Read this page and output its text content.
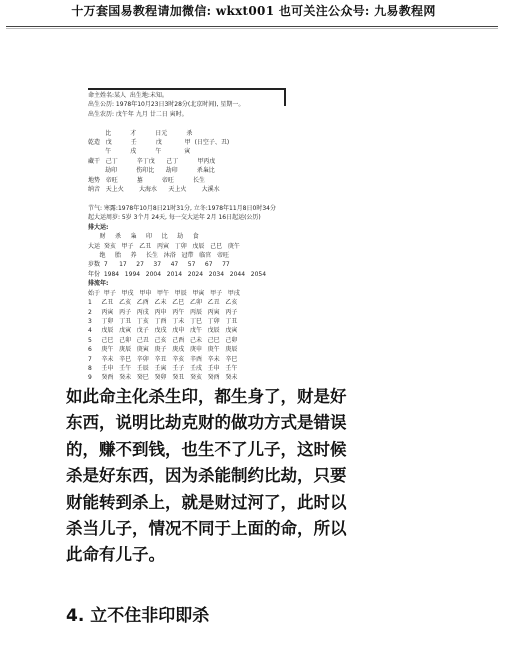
十万套国易教程请加微信: wkxt001 也可关注公众号: 九易教程网
命主姓名:某人  出生地:未知。
出生公历: 1978年10月23日3时28分(北京时间), 星期一。
出生农历: 戊午年 九月 廿二日 寅时。
比          才          日元          杀
乾造   戊          壬          戊            甲  (日空子、丑)
午          戌          午            寅
藏干   己丁          辛丁戊      己丁          甲丙戊
劫印          伤印比      劫印          杀枭比
地势   帝旺          墓          帝旺          长生
纳音   天上火        大海水      天上火        大溪水
节气: 寒露:1978年10月8日21时31分, 立冬:1978年11月8日0时34分
起大运周岁: 5岁 3个月 24天, 每一交大运年 2月 16日起运(公历)
排大运:
财     杀     枭     印     比     劫     食
大运  癸亥   甲子   乙丑   丙寅   丁卯   戊辰   己巳   庚午
绝     胎     养     长生   沐浴   冠带   临官   帝旺
岁数  7      17     27     37     47     57     67     77
年份  1984   1994   2004   2014   2024   2034   2044   2054
排流年:
始于  甲子   甲戌   甲申   甲午   甲辰   甲寅   甲子   甲戌
1     乙丑   乙亥   乙酉   乙未   乙巳   乙卯   乙丑   乙亥
2     丙寅   丙子   丙戌   丙申   丙午   丙辰   丙寅   丙子
3     丁卯   丁丑   丁亥   丁酉   丁未   丁巳   丁卯   丁丑
4     戊辰   戊寅   戊子   戊戌   戊申   戊午   戊辰   戊寅
5     己巳   己卯   己丑   己亥   己酉   己未   己巳   己卯
6     庚午   庚辰   庚寅   庚子   庚戌   庚申   庚午   庚辰
7     辛未   辛巳   辛卯   辛丑   辛亥   辛酉   辛未   辛巳
8     壬申   壬午   壬辰   壬寅   壬子   壬戌   壬申   壬午
9     癸酉   癸未   癸巳   癸卯   癸丑   癸亥   癸酉   癸未

如此命主化杀生印，都生身了，财是好

东西，说明比劫克财的做功方式是错误

的，赚不到钱，也生不了儿子，这时候

杀是好东西，因为杀能制约比劫，只要

财能转到杀上，就是财过河了，此时以

杀当儿子，情况不同于上面的命，所以

此命有儿子。

4. 立不住非印即杀
